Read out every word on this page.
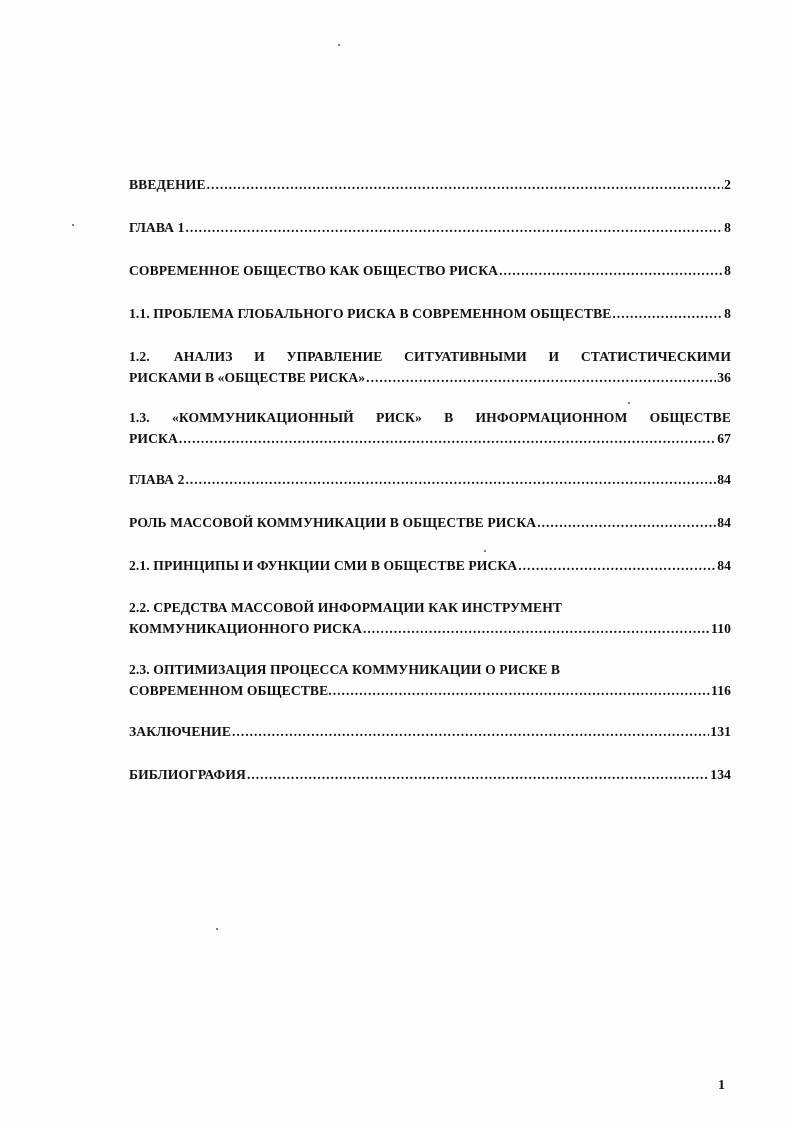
ВВЕДЕНИЕ .....	2
ГЛАВА 1 .....	8
СОВРЕМЕННОЕ ОБЩЕСТВО КАК ОБЩЕСТВО РИСКА .....	8
1.1. ПРОБЛЕМА ГЛОБАЛЬНОГО РИСКА В СОВРЕМЕННОМ ОБЩЕСТВЕ .....	8
1.2. АНАЛИЗ И УПРАВЛЕНИЕ СИТУАТИВНЫМИ И СТАТИСТИЧЕСКИМИ
РИСКАМИ В «ОБЩЕСТВЕ РИСКА» .....	36
1.3. «КОММУНИКАЦИОННЫЙ РИСК» В ИНФОРМАЦИОННОМ ОБЩЕСТВЕ
РИСКА .....	67
ГЛАВА 2 .....	84
РОЛЬ МАССОВОЙ КОММУНИКАЦИИ В ОБЩЕСТВЕ РИСКА .....	84
2.1. ПРИНЦИПЫ И ФУНКЦИИ СМИ В ОБЩЕСТВЕ РИСКА .....	84
2.2. СРЕДСТВА МАССОВОЙ ИНФОРМАЦИИ КАК ИНСТРУМЕНТ
КОММУНИКАЦИОННОГО РИСКА .....	110
2.3. ОПТИМИЗАЦИЯ ПРОЦЕССА КОММУНИКАЦИИ О РИСКЕ В
СОВРЕМЕННОМ ОБЩЕСТВЕ. .....	116
ЗАКЛЮЧЕНИЕ .....	131
БИБЛИОГРАФИЯ .....	134
1
